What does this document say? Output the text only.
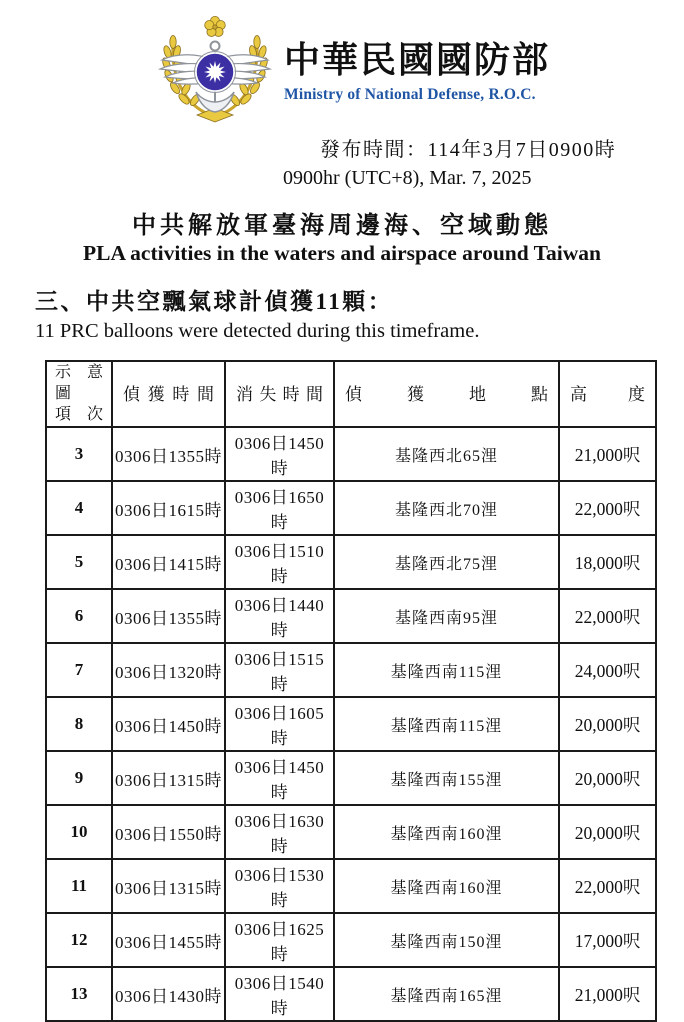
中華民國國防部
Ministry of National Defense, R.O.C.
發布時間：114年3月7日0900時
0900hr (UTC+8), Mar. 7, 2025
中共解放軍臺海周邊海、空域動態
PLA activities in the waters and airspace around Taiwan
三、中共空飄氣球計偵獲11顆：
11 PRC balloons were detected during this timeframe.
示 意 圖
項 次	偵 獲 時 間	消 失 時 間	偵 獲 地 點	高 度

3	0306日1355時	0306日1450時	基隆西北65浬	21,000呎
4	0306日1615時	0306日1650時	基隆西北70浬	22,000呎
5	0306日1415時	0306日1510時	基隆西北75浬	18,000呎
6	0306日1355時	0306日1440時	基隆西南95浬	22,000呎
7	0306日1320時	0306日1515時	基隆西南115浬	24,000呎
8	0306日1450時	0306日1605時	基隆西南115浬	20,000呎
9	0306日1315時	0306日1450時	基隆西南155浬	20,000呎
10	0306日1550時	0306日1630時	基隆西南160浬	20,000呎
11	0306日1315時	0306日1530時	基隆西南160浬	22,000呎
12	0306日1455時	0306日1625時	基隆西南150浬	17,000呎
13	0306日1430時	0306日1540時	基隆西南165浬	21,000呎
